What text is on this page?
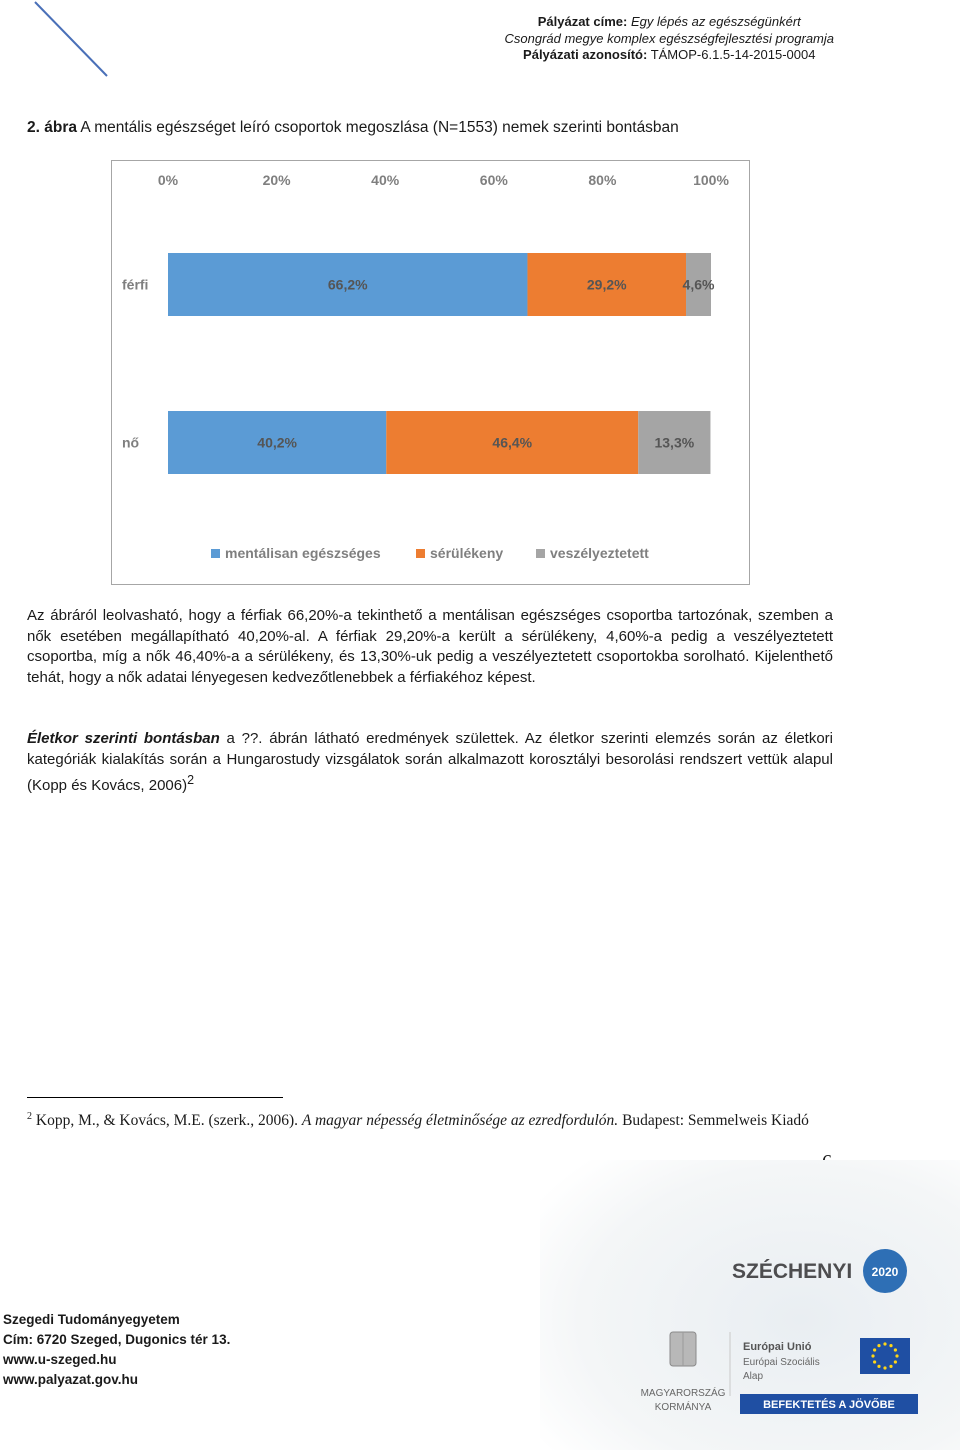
Pályázat címe: Egy lépés az egészségünkért
Csongrád megye komplex egészségfejlesztési programja
Pályázati azonosító: TÁMOP-6.1.5-14-2015-0004
2. ábra A mentális egészséget leíró csoportok megoszlása (N=1553) nemek szerinti bontásban
0%	20%	40%	60%	80%	100%
férfi
nő
66,2%	29,2%	4,6%
40,2%	46,4%	13,3%
mentálisan egészséges	sérülékeny	veszélyeztetett
Az ábráról leolvasható, hogy a férfiak 66,20%-a tekinthető a mentálisan egészséges csoportba tartozónak, szemben a nők esetében megállapítható 40,20%-al. A férfiak 29,20%-a került a sérülékeny, 4,60%-a pedig a veszélyeztetett csoportba, míg a nők 46,40%-a a sérülékeny, és 13,30%-uk pedig a veszélyeztetett csoportokba sorolható. Kijelenthető tehát, hogy a nők adatai lényegesen kedvezőtlenebbek a férfiakéhoz képest.
Életkor szerinti bontásban a ??. ábrán látható eredmények születtek. Az életkor szerinti elemzés során az életkori kategóriák kialakítás során a Hungarostudy vizsgálatok során alkalmazott korosztályi besorolási rendszert vettük alapul (Kopp és Kovács, 2006)$^2$
$^2$ Kopp, M., & Kovács, M.E. (szerk., 2006). A magyar népesség életminősége az ezredfordulón. Budapest: Semmelweis Kiadó
Szegedi Tudományegyetem
Cím: 6720 Szeged, Dugonics tér 13.
www.u-szeged.hu
www.palyazat.gov.hu
SZÉCHENYI 2020
MAGYARORSZÁG
KORMÁNYA
Európai Unió
Európai Szociális
Alap
BEFEKTETÉS A JÖVŐBE
